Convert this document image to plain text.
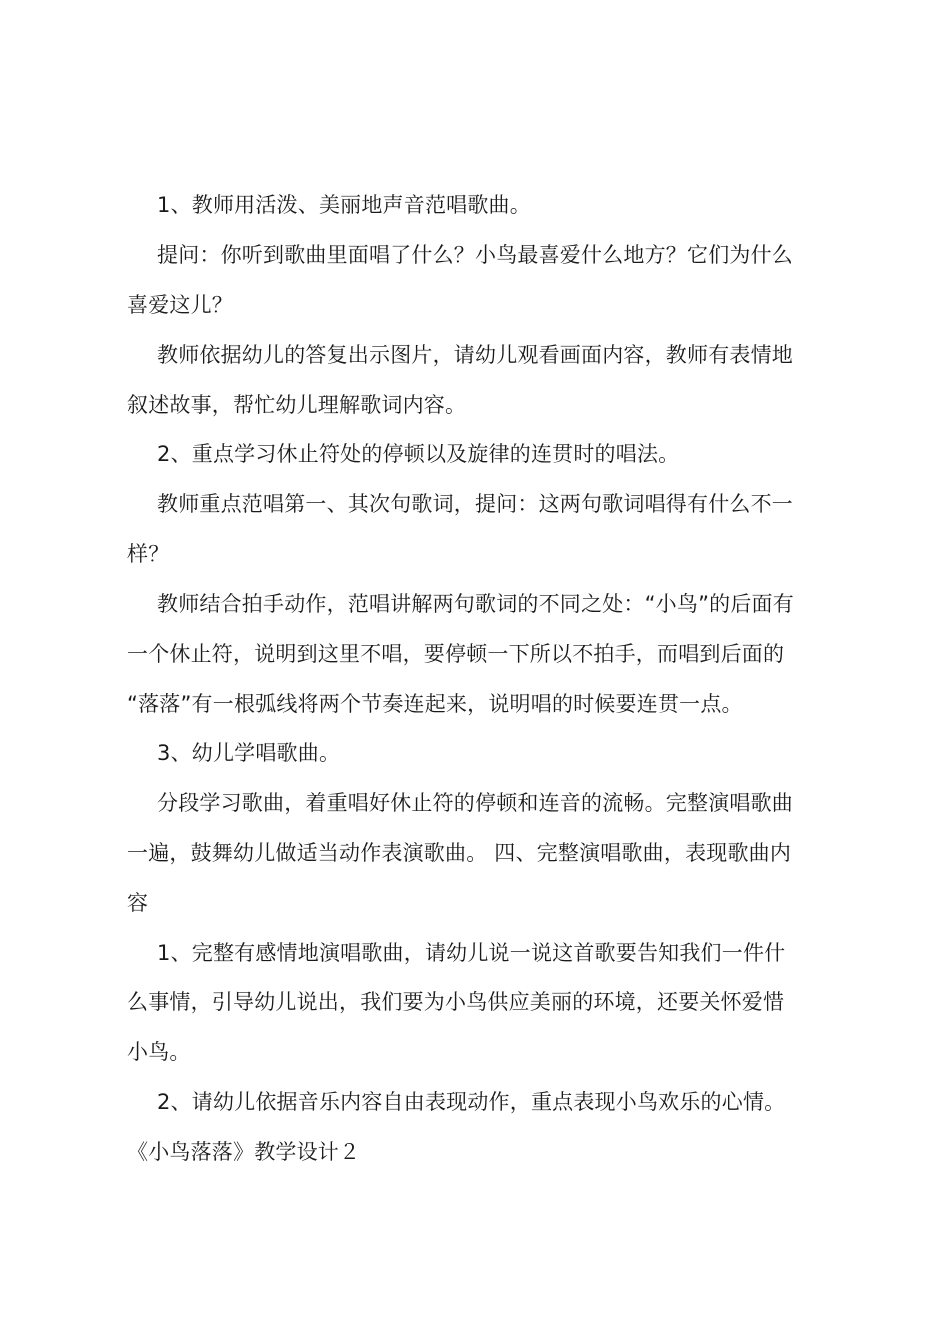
1、教师用活泼、美丽地声音范唱歌曲。
提问：你听到歌曲里面唱了什么？小鸟最喜爱什么地方？它们为什么
喜爱这儿？
教师依据幼儿的答复出示图片，请幼儿观看画面内容，教师有表情地
叙述故事，帮忙幼儿理解歌词内容。
2、重点学习休止符处的停顿以及旋律的连贯时的唱法。
教师重点范唱第一、其次句歌词，提问：这两句歌词唱得有什么不一
样？
教师结合拍手动作，范唱讲解两句歌词的不同之处：“小鸟”的后面有
一个休止符，说明到这里不唱，要停顿一下所以不拍手，而唱到后面的
“落落”有一根弧线将两个节奏连起来，说明唱的时候要连贯一点。
3、幼儿学唱歌曲。
分段学习歌曲，着重唱好休止符的停顿和连音的流畅。完整演唱歌曲
一遍，鼓舞幼儿做适当动作表演歌曲。 四、完整演唱歌曲，表现歌曲内
容
1、完整有感情地演唱歌曲，请幼儿说一说这首歌要告知我们一件什
么事情，引导幼儿说出，我们要为小鸟供应美丽的环境，还要关怀爱惜
小鸟。
2、请幼儿依据音乐内容自由表现动作，重点表现小鸟欢乐的心情。
《小鸟落落》教学设计２
